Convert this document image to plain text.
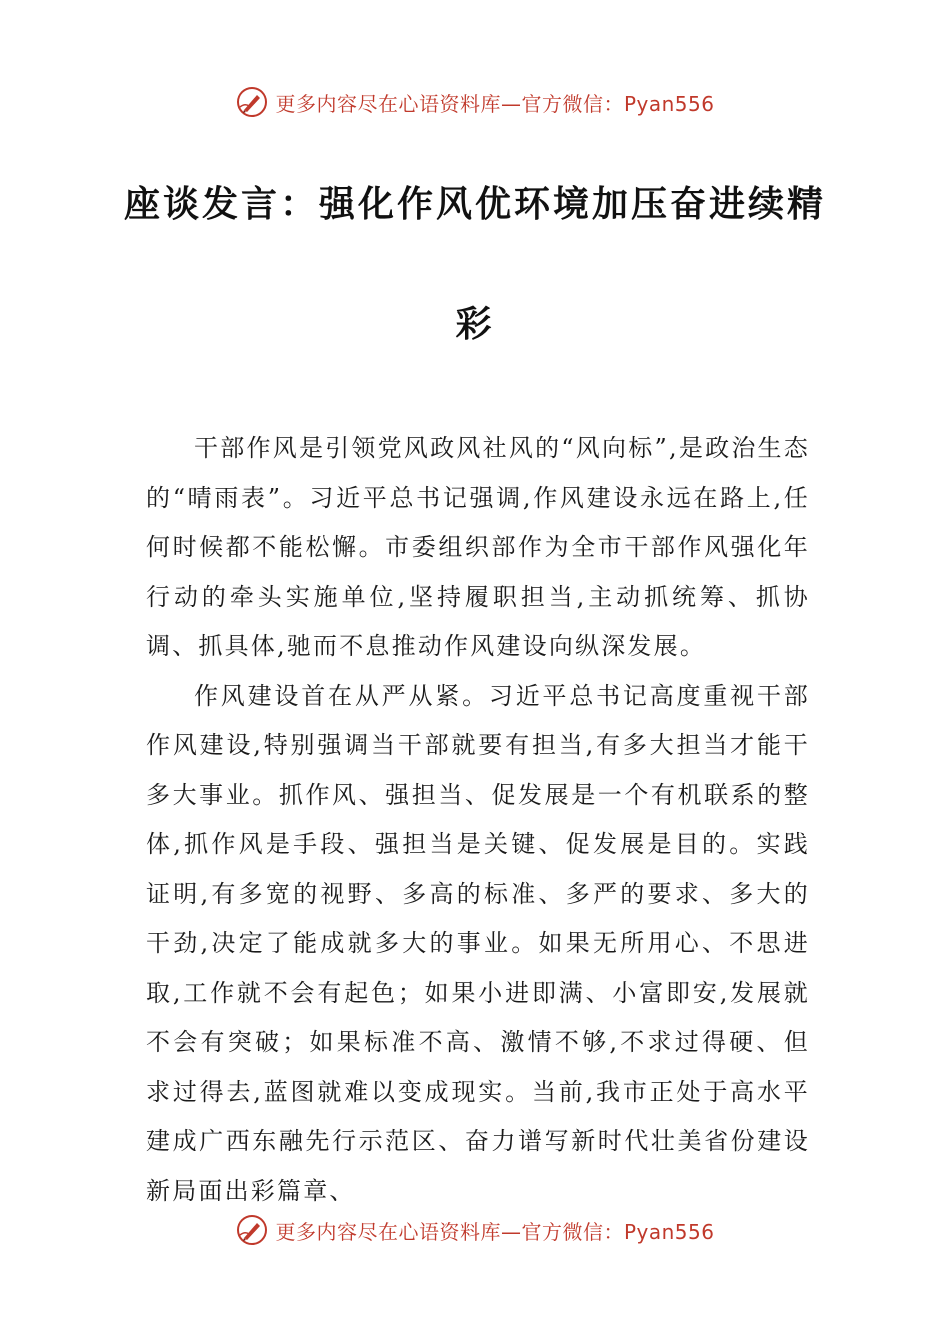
更多内容尽在心语资料库—官方微信：Pyan556
座谈发言：强化作风优环境加压奋进续精
彩

干部作风是引领党风政风社风的“风向标”,是政治生态的“晴雨表”。习近平总书记强调,作风建设永远在路上,任何时候都不能松懈。市委组织部作为全市干部作风强化年行动的牵头实施单位,坚持履职担当,主动抓统筹、抓协调、抓具体,驰而不息推动作风建设向纵深发展。

作风建设首在从严从紧。习近平总书记高度重视干部作风建设,特别强调当干部就要有担当,有多大担当才能干多大事业。抓作风、强担当、促发展是一个有机联系的整体,抓作风是手段、强担当是关键、促发展是目的。实践证明,有多宽的视野、多高的标准、多严的要求、多大的干劲,决定了能成就多大的事业。如果无所用心、不思进取,工作就不会有起色；如果小进即满、小富即安,发展就不会有突破；如果标准不高、激情不够,不求过得硬、但求过得去,蓝图就难以变成现实。当前,我市正处于高水平建成广西东融先行示范区、奋力谱写新时代壮美省份建设新局面出彩篇章、

更多内容尽在心语资料库—官方微信：Pyan556
